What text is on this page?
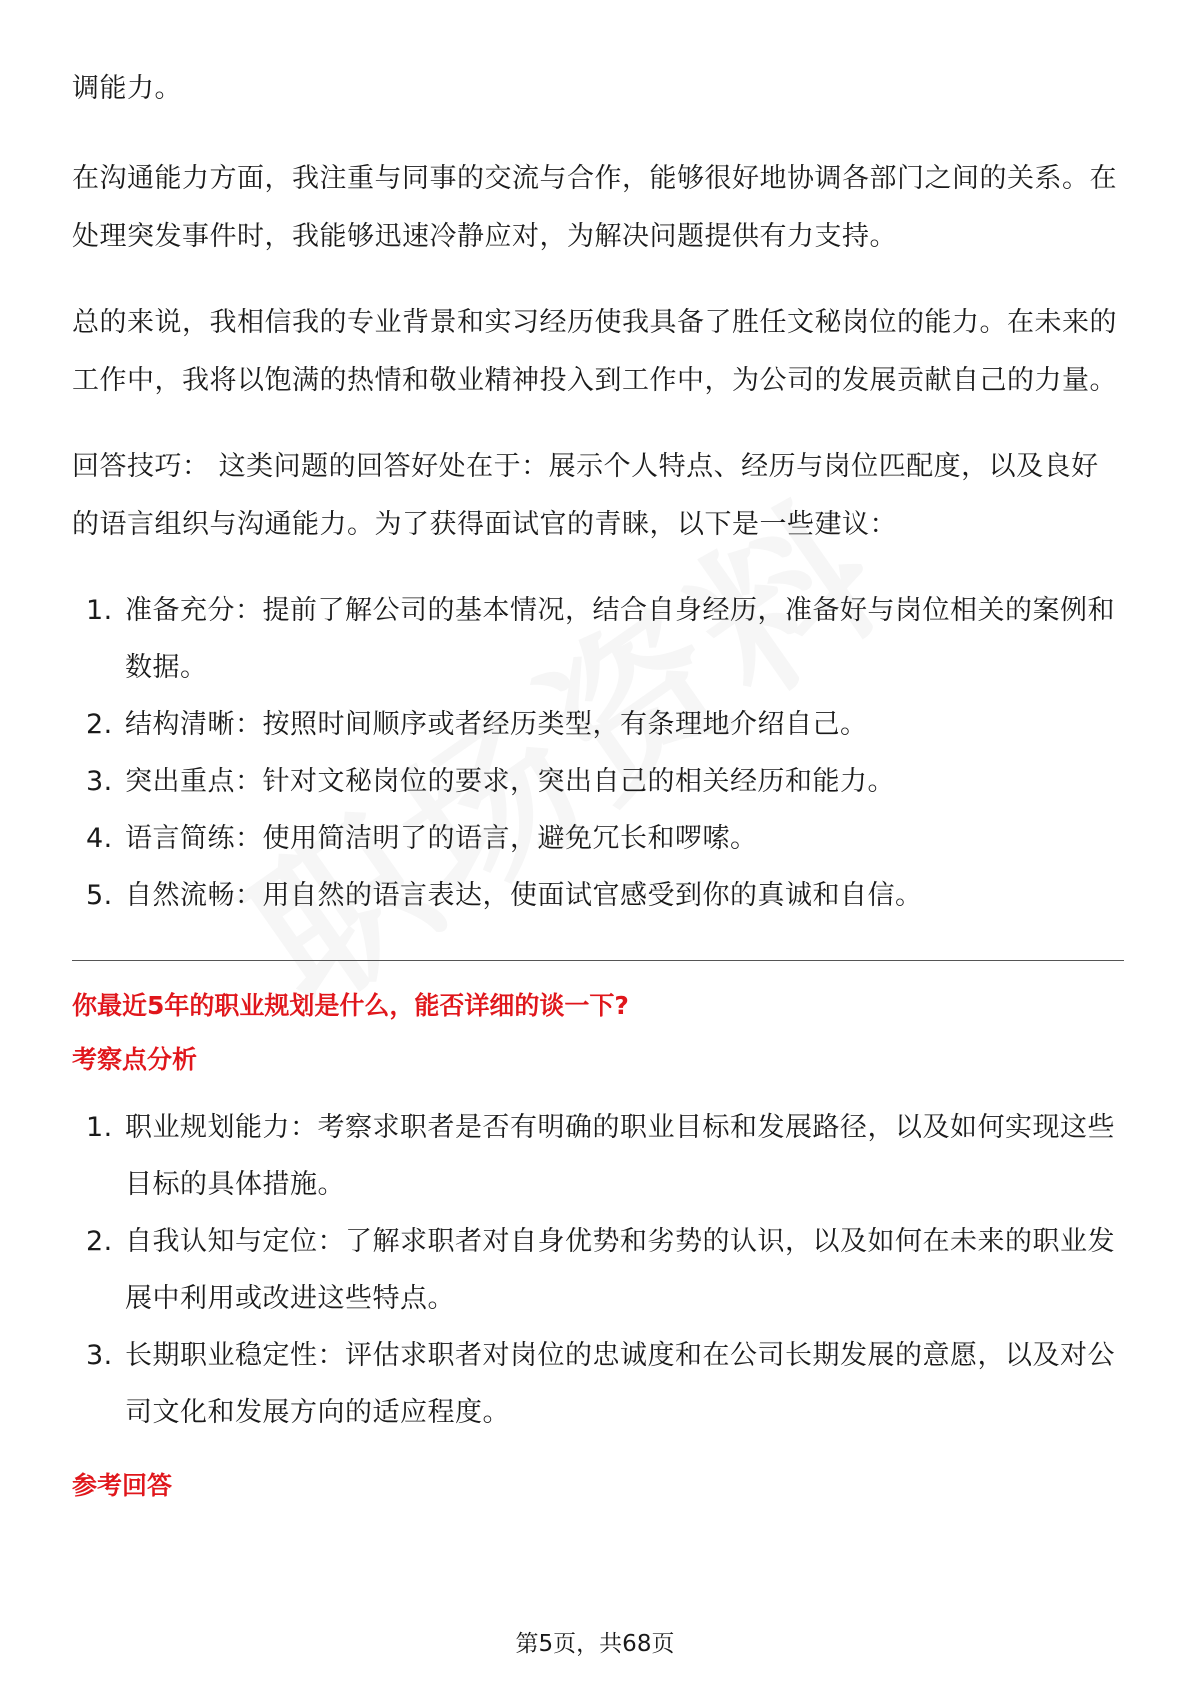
调能力。

在沟通能力方面，我注重与同事的交流与合作，能够很好地协调各部门之间的关系。在处理突发事件时，我能够迅速冷静应对，为解决问题提供有力支持。

总的来说，我相信我的专业背景和实习经历使我具备了胜任文秘岗位的能力。在未来的工作中，我将以饱满的热情和敬业精神投入到工作中，为公司的发展贡献自己的力量。

回答技巧： 这类问题的回答好处在于：展示个人特点、经历与岗位匹配度，以及良好的语言组织与沟通能力。为了获得面试官的青睐，以下是一些建议：

1. 准备充分：提前了解公司的基本情况，结合自身经历，准备好与岗位相关的案例和数据。
2. 结构清晰：按照时间顺序或者经历类型，有条理地介绍自己。
3. 突出重点：针对文秘岗位的要求，突出自己的相关经历和能力。
4. 语言简练：使用简洁明了的语言，避免冗长和啰嗦。
5. 自然流畅：用自然的语言表达，使面试官感受到你的真诚和自信。
你最近5年的职业规划是什么，能否详细的谈一下?
考察点分析
1. 职业规划能力：考察求职者是否有明确的职业目标和发展路径，以及如何实现这些目标的具体措施。
2. 自我认知与定位：了解求职者对自身优势和劣势的认识，以及如何在未来的职业发展中利用或改进这些特点。
3. 长期职业稳定性：评估求职者对岗位的忠诚度和在公司长期发展的意愿，以及对公司文化和发展方向的适应程度。
参考回答
第5页，共68页
